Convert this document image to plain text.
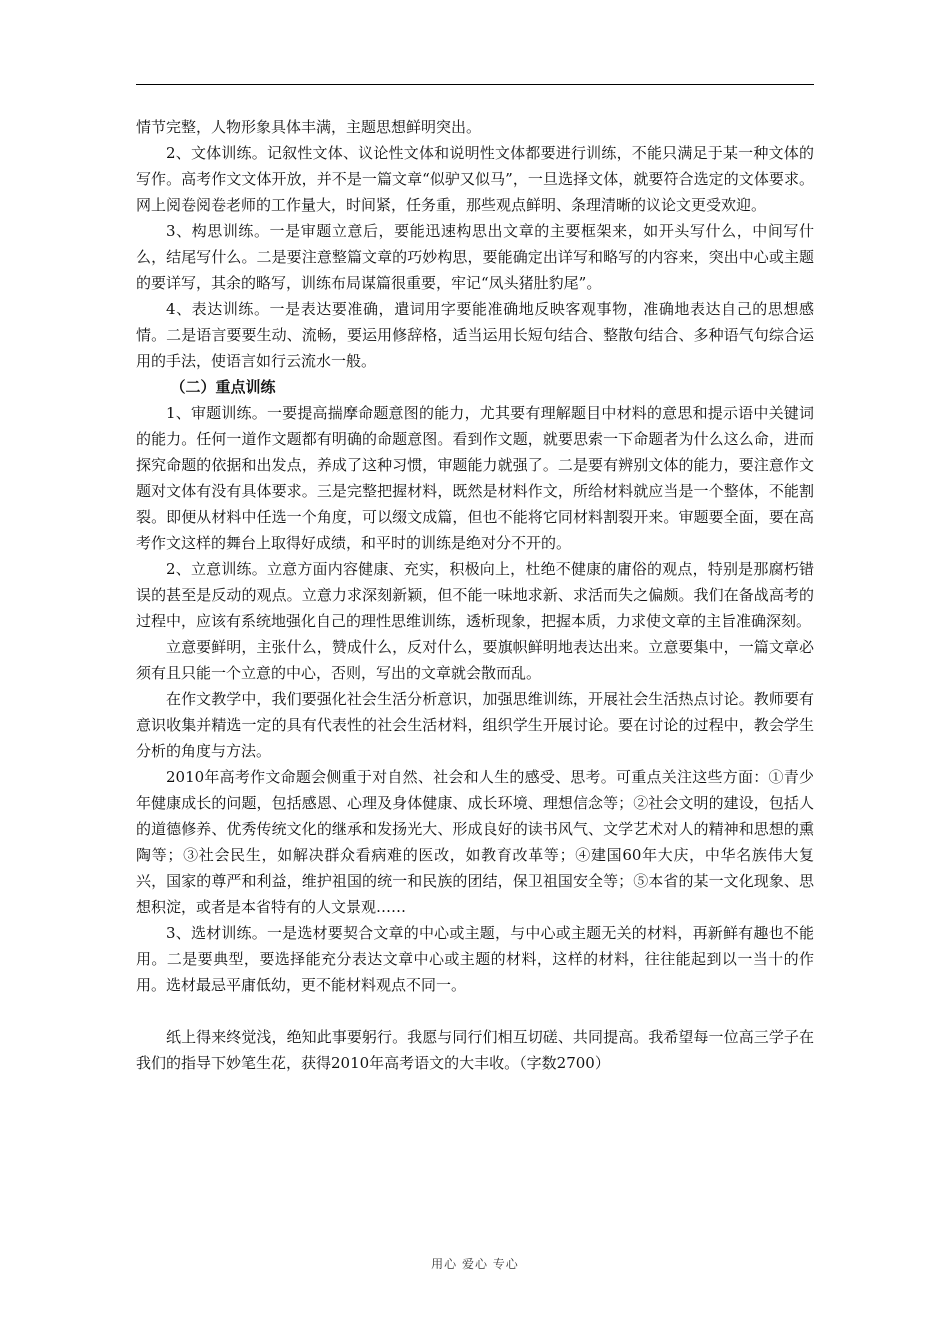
情节完整，人物形象具体丰满，主题思想鲜明突出。

2、文体训练。记叙性文体、议论性文体和说明性文体都要进行训练，不能只满足于某一种文体的写作。高考作文文体开放，并不是一篇文章“似驴又似马”，一旦选择文体，就要符合选定的文体要求。网上阅卷阅卷老师的工作量大，时间紧，任务重，那些观点鲜明、条理清晰的议论文更受欢迎。

3、构思训练。一是审题立意后，要能迅速构思出文章的主要框架来，如开头写什么，中间写什么，结尾写什么。二是要注意整篇文章的巧妙构思，要能确定出详写和略写的内容来，突出中心或主题的要详写，其余的略写，训练布局谋篇很重要，牢记“凤头猪肚豹尾”。

4、表达训练。一是表达要准确，遣词用字要能准确地反映客观事物，准确地表达自己的思想感情。二是语言要要生动、流畅，要运用修辞格，适当运用长短句结合、整散句结合、多种语气句综合运用的手法，使语言如行云流水一般。

（二）重点训练

1、审题训练。一要提高揣摩命题意图的能力，尤其要有理解题目中材料的意思和提示语中关键词的能力。任何一道作文题都有明确的命题意图。看到作文题，就要思索一下命题者为什么这么命，进而探究命题的依据和出发点，养成了这种习惯，审题能力就强了。二是要有辨别文体的能力，要注意作文题对文体有没有具体要求。三是完整把握材料，既然是材料作文，所给材料就应当是一个整体，不能割裂。即便从材料中任选一个角度，可以缀文成篇，但也不能将它同材料割裂开来。审题要全面，要在高考作文这样的舞台上取得好成绩，和平时的训练是绝对分不开的。

2、立意训练。立意方面内容健康、充实，积极向上，杜绝不健康的庸俗的观点，特别是那腐朽错误的甚至是反动的观点。立意力求深刻新颖，但不能一味地求新、求活而失之偏颇。我们在备战高考的过程中，应该有系统地强化自己的理性思维训练，透析现象，把握本质，力求使文章的主旨准确深刻。

立意要鲜明，主张什么，赞成什么，反对什么，要旗帜鲜明地表达出来。立意要集中，一篇文章必须有且只能一个立意的中心，否则，写出的文章就会散而乱。

在作文教学中，我们要强化社会生活分析意识，加强思维训练，开展社会生活热点讨论。教师要有意识收集并精选一定的具有代表性的社会生活材料，组织学生开展讨论。要在讨论的过程中，教会学生分析的角度与方法。

2010年高考作文命题会侧重于对自然、社会和人生的感受、思考。可重点关注这些方面：①青少年健康成长的问题，包括感恩、心理及身体健康、成长环境、理想信念等；②社会文明的建设，包括人的道德修养、优秀传统文化的继承和发扬光大、形成良好的读书风气、文学艺术对人的精神和思想的熏陶等；③社会民生，如解决群众看病难的医改，如教育改革等；④建国60年大庆，中华名族伟大复兴，国家的尊严和利益，维护祖国的统一和民族的团结，保卫祖国安全等；⑤本省的某一文化现象、思想积淀，或者是本省特有的人文景观……

3、选材训练。一是选材要契合文章的中心或主题，与中心或主题无关的材料，再新鲜有趣也不能用。二是要典型，要选择能充分表达文章中心或主题的材料，这样的材料，往往能起到以一当十的作用。选材最忌平庸低幼，更不能材料观点不同一。

纸上得来终觉浅，绝知此事要躬行。我愿与同行们相互切磋、共同提高。我希望每一位高三学子在我们的指导下妙笔生花，获得2010年高考语文的大丰收。（字数2700）

用心 爱心 专心
